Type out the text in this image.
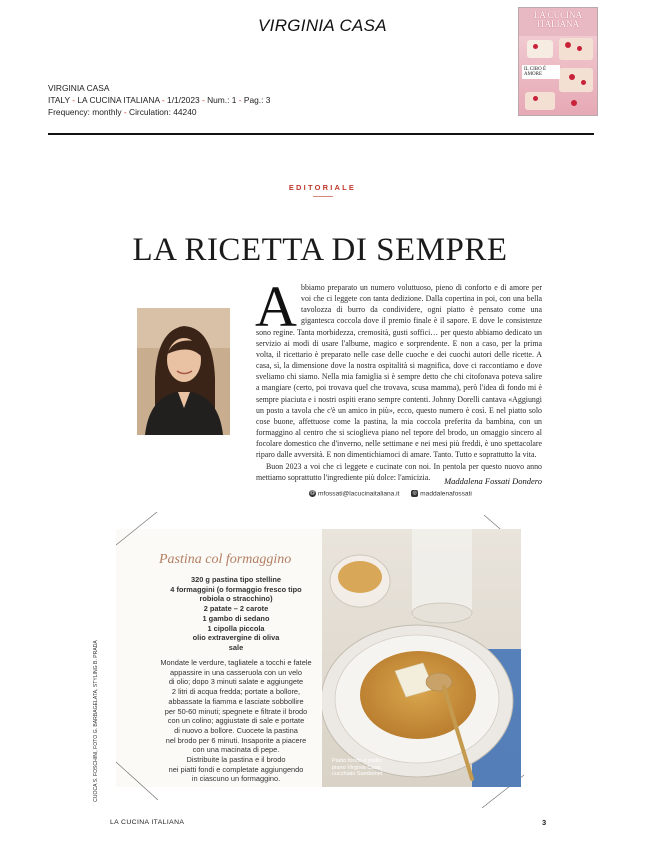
VIRGINIA CASA
VIRGINIA CASA
ITALY - LA CUCINA ITALIANA - 1/1/2023 - Num.: 1 - Pag.: 3
Frequency: monthly - Circulation: 44240
LA CUCINA ITALIANA
IL CIBO È AMORE
EDITORIALE
LA RICETTA DI SEMPRE
A bbiamo preparato un numero voluttuoso, pieno di conforto e di amore per voi che ci leggete con tanta dedizione. Dalla copertina in poi, con una bella tavolozza di burro da condividere, ogni piatto è pensato come una gigantesca coccola dove il premio finale è il sapore. E dove le consistenze sono regine. Tanta morbidezza, cremosità, gusti soffici… per questo abbiamo dedicato un servizio ai modi di usare l'albume, magico e sorprendente. E non a caso, per la prima volta, il ricettario è preparato nelle case delle cuoche e dei cuochi autori delle ricette. A casa, sì, la dimensione dove la nostra ospitalità si magnifica, dove ci raccontiamo e dove sveliamo chi siamo. Nella mia famiglia si è sempre detto che chi citofonava poteva salire a mangiare (certo, poi trovava quel che trovava, scusa mamma), però l'idea di fondo mi è sempre piaciuta e i nostri ospiti erano sempre contenti. Johnny Dorelli cantava «Aggiungi un posto a tavola che c'è un amico in più», ecco, questo numero è così. E nel piatto solo cose buone, affettuose come la pastina, la mia coccola preferita da bambina, con un formaggino al centro che si scioglieva piano nel tepore del brodo, un omaggio sincero al focolare domestico che d'inverno, nelle settimane e nei mesi più freddi, è uno spettacolare riparo dalle avversità. E non dimentichiamoci di amare. Tanto. Tutto e soprattutto la vita.

Buon 2023 a voi che ci leggete e cucinate con noi. In pentola per questo nuovo anno mettiamo soprattutto l'ingrediente più dolce: l'amicizia.	Maddalena Fossati Dondero
@ mfossati@lacucinaitaliana.it	◎ maddalenafossati
Pastina col formaggino
320 g pastina tipo stelline
4 formaggini (o formaggio fresco tipo
robiola o stracchino)
2 patate – 2 carote
1 gambo di sedano
1 cipolla piccola
olio extravergine di oliva
sale
Mondate le verdure, tagliatele a tocchi e fatele
appassire in una casseruola con un velo
di olio; dopo 3 minuti salate e aggiungete
2 litri di acqua fredda; portate a bollore,
abbassate la fiamma e lasciate sobbollire
per 50-60 minuti; spegnete e filtrate il brodo
con un colino; aggiustate di sale e portate
di nuovo a bollore. Cuocete la pastina
nel brodo per 6 minuti. Insaporite a piacere
con una macinata di pepe.
Distribuite la pastina e il brodo
nei piatti fondi e completate aggiungendo
in ciascuno un formaggino.
CUOCA S. FOSCHINI, FOTO G. BARBAGELATA, STYLING B. PRADA	Piatto fondo e piatto piano Virginia Casa, cucchiaio Sambonet
LA CUCINA ITALIANA	3
